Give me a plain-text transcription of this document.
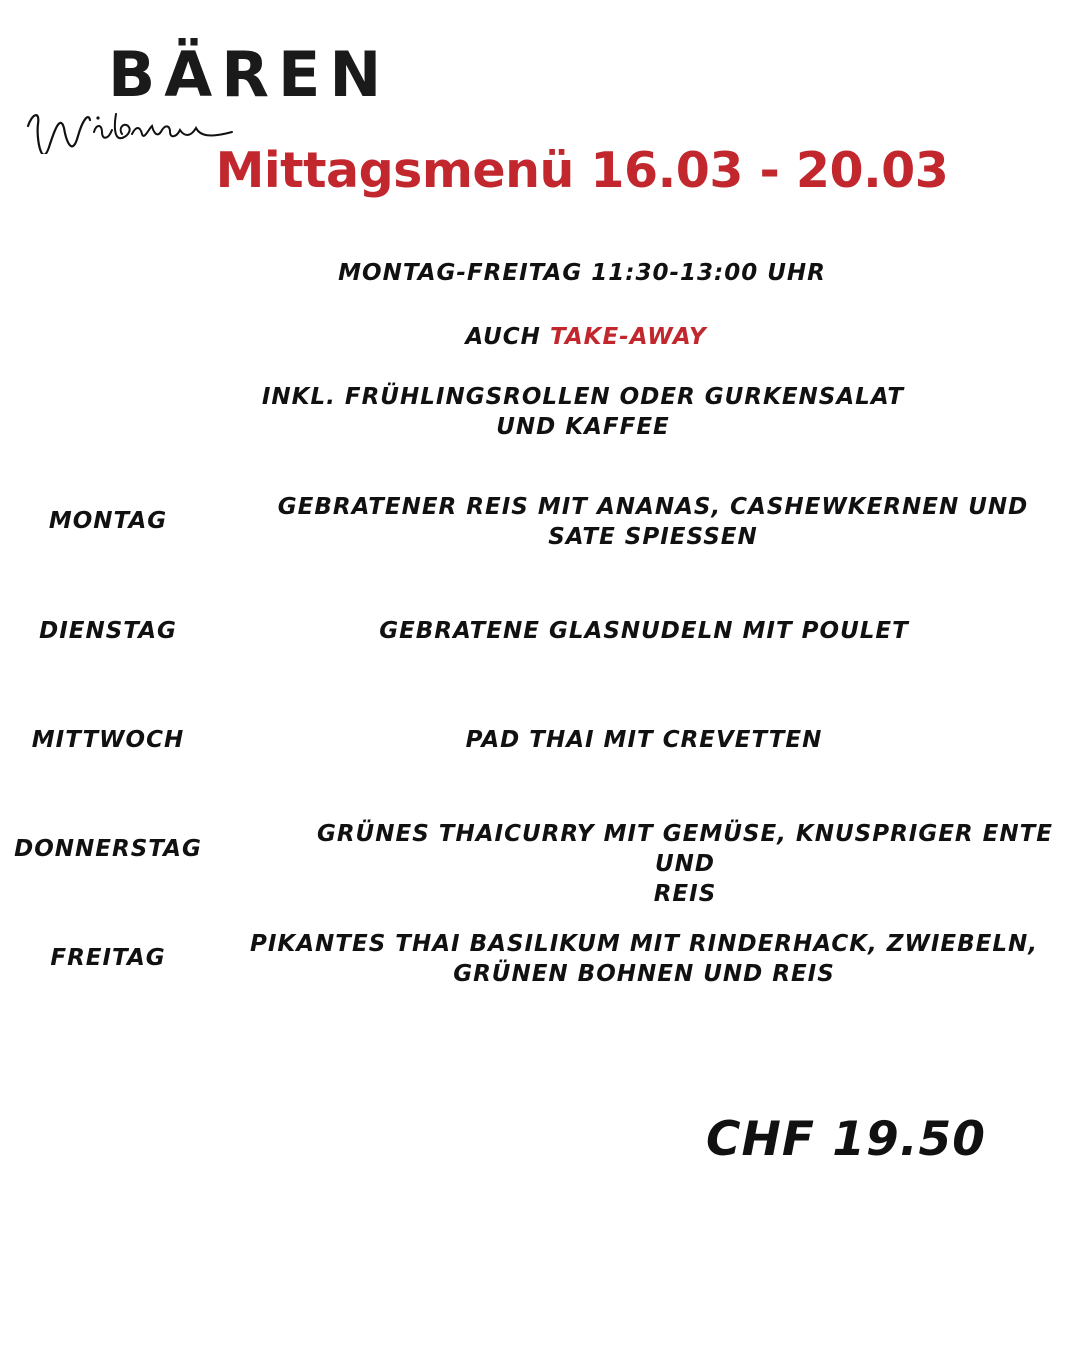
BÄREN
Mittagsmenü 16.03 - 20.03
MONTAG-FREITAG 11:30-13:00 UHR
AUCH TAKE-AWAY
INKL. FRÜHLINGSROLLEN ODER GURKENSALAT
UND KAFFEE
MONTAG
GEBRATENER REIS MIT ANANAS, CASHEWKERNEN UND
SATE SPIESSEN
DIENSTAG	GEBRATENE GLASNUDELN MIT POULET
MITTWOCH	PAD THAI MIT CREVETTEN
DONNERSTAG
GRÜNES THAICURRY MIT GEMÜSE, KNUSPRIGER ENTE UND
REIS
FREITAG
PIKANTES THAI BASILIKUM MIT RINDERHACK, ZWIEBELN,
GRÜNEN BOHNEN UND REIS
CHF 19.50
